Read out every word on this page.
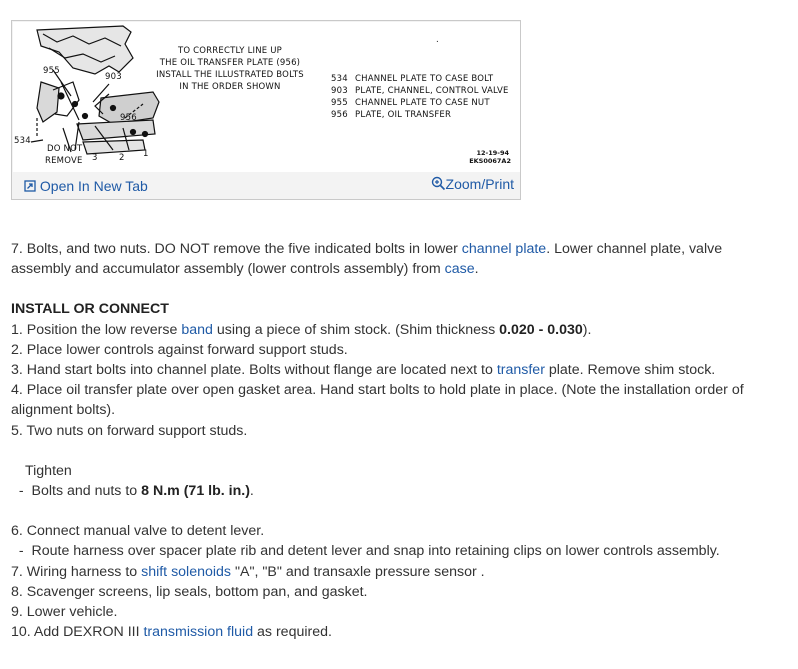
955
903
956
534
DO NOT
REMOVE 3	2 1
TO CORRECTLY LINE UP
THE OIL TRANSFER PLATE (956)
INSTALL THE ILLUSTRATED BOLTS
IN THE ORDER SHOWN
534 CHANNEL PLATE TO CASE BOLT
903 PLATE, CHANNEL, CONTROL VALVE
955 CHANNEL PLATE TO CASE NUT
956 PLATE, OIL TRANSFER
.
12-19-94
EKS0067A2
Open In New Tab	Zoom/Print

7. Bolts, and two nuts. DO NOT remove the five indicated bolts in lower channel plate. Lower channel plate, valve assembly and accumulator assembly (lower controls assembly) from case.

INSTALL OR CONNECT

1. Position the low reverse band using a piece of shim stock. (Shim thickness 0.020 - 0.030).

2. Place lower controls against forward support studs.

3. Hand start bolts into channel plate. Bolts without flange are located next to transfer plate. Remove shim stock.

4. Place oil transfer plate over open gasket area. Hand start bolts to hold plate in place. (Note the installation order of alignment bolts).

5. Two nuts on forward support studs.

Tighten

-  Bolts and nuts to 8 N.m (71 lb. in.).

6. Connect manual valve to detent lever.

-  Route harness over spacer plate rib and detent lever and snap into retaining clips on lower controls assembly.

7. Wiring harness to shift solenoids "A", "B" and transaxle pressure sensor .

8. Scavenger screens, lip seals, bottom pan, and gasket.

9. Lower vehicle.

10. Add DEXRON III transmission fluid as required.
